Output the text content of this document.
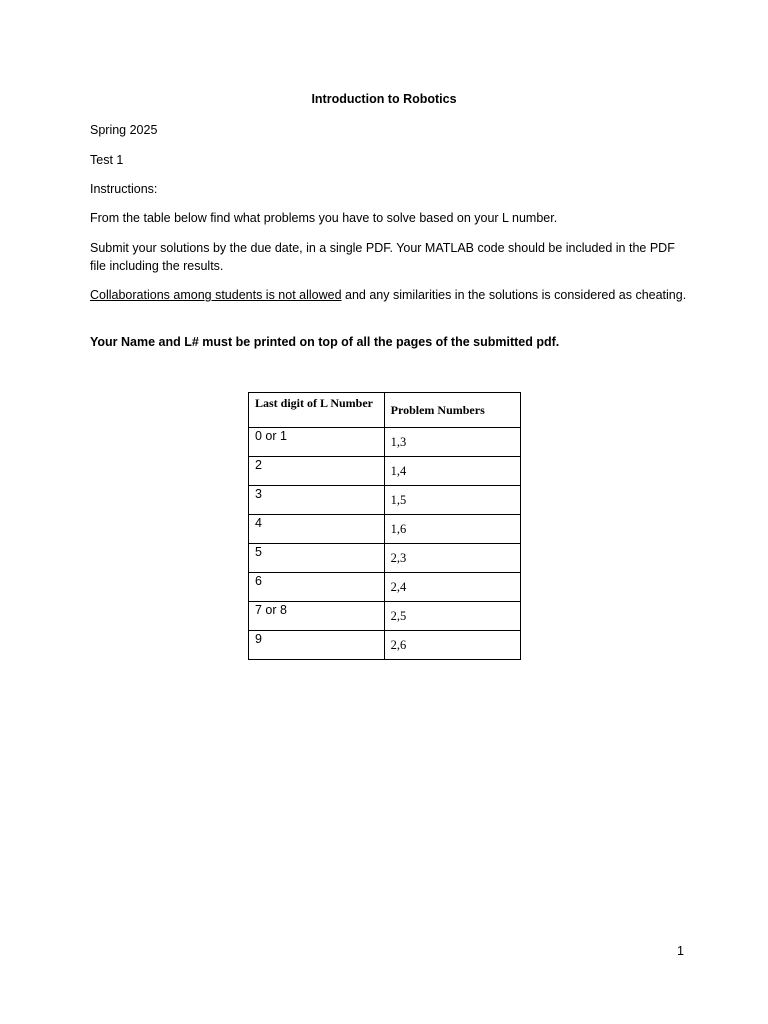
Introduction to Robotics
Spring 2025
Test 1
Instructions:
From the table below find what problems you have to solve based on your L number.
Submit your solutions by the due date, in a single PDF. Your MATLAB code should be included in the PDF file including the results.
Collaborations among students is not allowed and any similarities in the solutions is considered as cheating.
Your Name and L# must be printed on top of all the pages of the submitted pdf.
Last digit of L Number	Problem Numbers
0 or 1	1,3
2	1,4
3	1,5
4	1,6
5	2,3
6	2,4
7 or 8	2,5
9	2,6
1
